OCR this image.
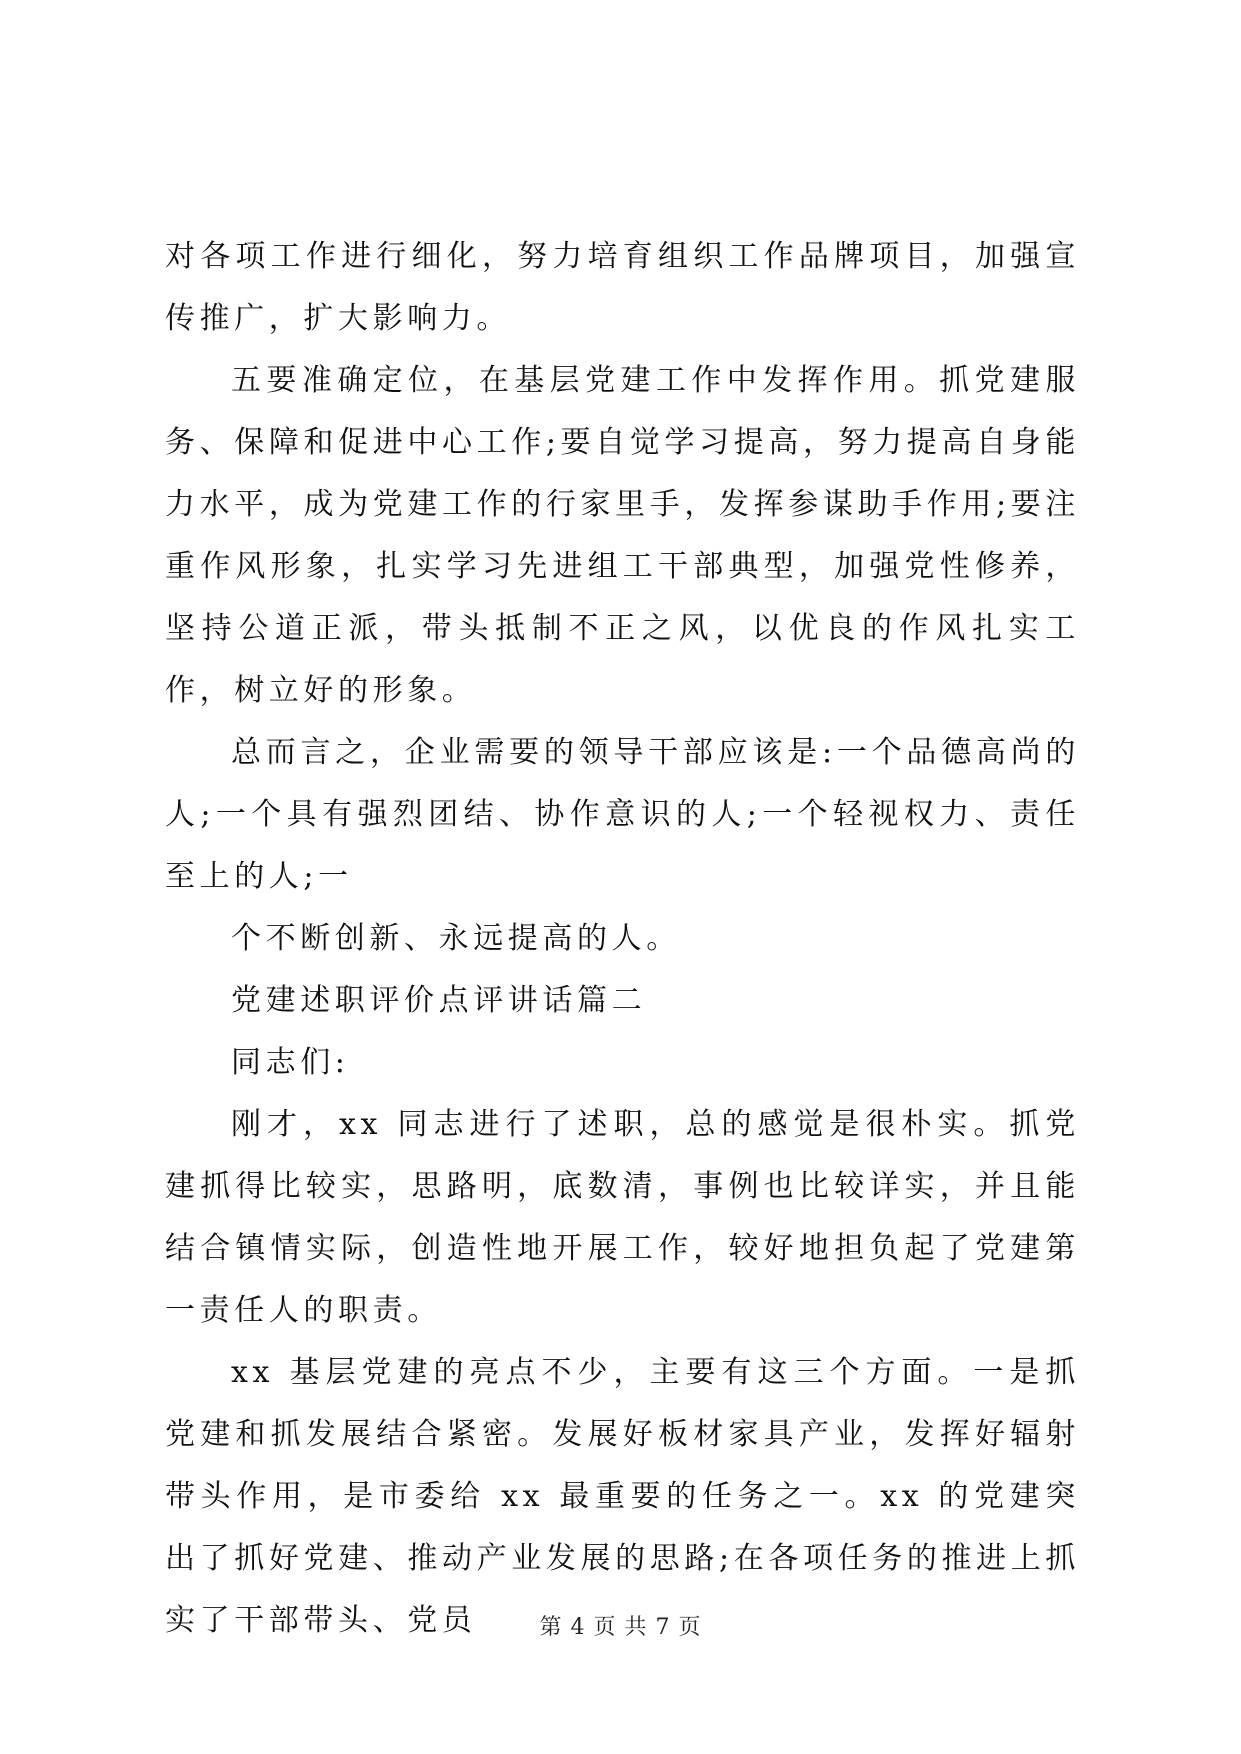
对各项工作进行细化，努力培育组织工作品牌项目，加强宣传推广，扩大影响力。

五要准确定位，在基层党建工作中发挥作用。抓党建服务、保障和促进中心工作;要自觉学习提高，努力提高自身能力水平，成为党建工作的行家里手，发挥参谋助手作用;要注重作风形象，扎实学习先进组工干部典型，加强党性修养，坚持公道正派，带头抵制不正之风，以优良的作风扎实工作，树立好的形象。

总而言之，企业需要的领导干部应该是:一个品德高尚的人;一个具有强烈团结、协作意识的人;一个轻视权力、责任至上的人;一

个不断创新、永远提高的人。

党建述职评价点评讲话篇二

同志们:

刚才，xx 同志进行了述职，总的感觉是很朴实。抓党建抓得比较实，思路明，底数清，事例也比较详实，并且能结合镇情实际，创造性地开展工作，较好地担负起了党建第一责任人的职责。

xx 基层党建的亮点不少，主要有这三个方面。一是抓党建和抓发展结合紧密。发展好板材家具产业，发挥好辐射带头作用，是市委给 xx 最重要的任务之一。xx 的党建突出了抓好党建、推动产业发展的思路;在各项任务的推进上抓实了干部带头、党员	第 4 页 共 7 页
